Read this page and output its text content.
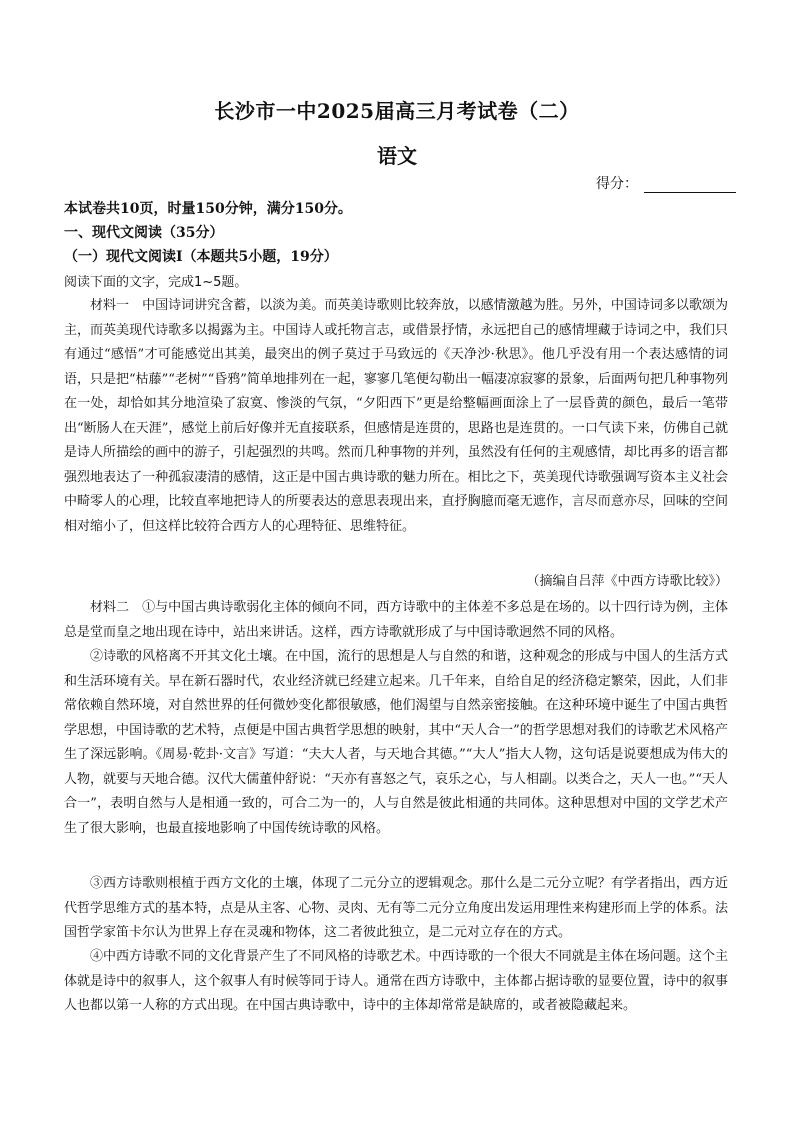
长沙市一中2025届高三月考试卷（二）
语文
得分：
本试卷共10页，时量150分钟，满分150分。
一、现代文阅读（35分）
（一）现代文阅读Ⅰ（本题共5小题，19分）
阅读下面的文字，完成1~5题。
材料一　中国诗词讲究含蓄，以淡为美。而英美诗歌则比较奔放，以感情激越为胜。另外，中国诗词多以歌颂为主，而英美现代诗歌多以揭露为主。中国诗人或托物言志，或借景抒情，永远把自己的感情埋藏于诗词之中，我们只有通过“感悟”才可能感觉出其美，最突出的例子莫过于马致远的《天净沙·秋思》。他几乎没有用一个表达感情的词语，只是把“枯藤”“老树”“昏鸦”简单地排列在一起，寥寥几笔便勾勒出一幅凄凉寂寥的景象，后面两句把几种事物列在一处，却恰如其分地渲染了寂寞、惨淡的气氛，“夕阳西下”更是给整幅画面涂上了一层昏黄的颜色，最后一笔带出“断肠人在天涯”，感觉上前后好像并无直接联系，但感情是连贯的，思路也是连贯的。一口气读下来，仿佛自己就是诗人所描绘的画中的游子，引起强烈的共鸣。然而几种事物的并列，虽然没有任何的主观感情，却比再多的语言都强烈地表达了一种孤寂凄清的感情，这正是中国古典诗歌的魅力所在。相比之下，英美现代诗歌强调写资本主义社会中畸零人的心理，比较直率地把诗人的所要表达的意思表现出来，直抒胸臆而毫无遮作，言尽而意亦尽，回味的空间相对缩小了，但这样比较符合西方人的心理特征、思维特征。
（摘编自吕萍《中西方诗歌比较》）
材料二　①与中国古典诗歌弱化主体的倾向不同，西方诗歌中的主体差不多总是在场的。以十四行诗为例，主体总是堂而皇之地出现在诗中，站出来讲话。这样，西方诗歌就形成了与中国诗歌迥然不同的风格。
②诗歌的风格离不开其文化土壤。在中国，流行的思想是人与自然的和谐，这种观念的形成与中国人的生活方式和生活环境有关。早在新石器时代，农业经济就已经建立起来。几千年来，自给自足的经济稳定繁荣，因此，人们非常依赖自然环境，对自然世界的任何微妙变化都很敏感，他们渴望与自然亲密接触。在这种环境中诞生了中国古典哲学思想，中国诗歌的艺术特，点便是中国古典哲学思想的映射，其中“天人合一”的哲学思想对我们的诗歌艺术风格产生了深远影响。《周易·乾卦·文言》写道：“夫大人者，与天地合其德。”“大人”指大人物，这句话是说要想成为伟大的人物，就要与天地合德。汉代大儒董仲舒说：“天亦有喜怒之气，哀乐之心，与人相副。以类合之，天人一也。”“天人合一”，表明自然与人是相通一致的，可合二为一的，人与自然是彼此相通的共同体。这种思想对中国的文学艺术产生了很大影响，也最直接地影响了中国传统诗歌的风格。
③西方诗歌则根植于西方文化的土壤，体现了二元分立的逻辑观念。那什么是二元分立呢？有学者指出，西方近代哲学思维方式的基本特，点是从主客、心物、灵肉、无有等二元分立角度出发运用理性来构建形而上学的体系。法国哲学家笛卡尔认为世界上存在灵魂和物体，这二者彼此独立，是二元对立存在的方式。
④中西方诗歌不同的文化背景产生了不同风格的诗歌艺术。中西诗歌的一个很大不同就是主体在场问题。这个主体就是诗中的叙事人，这个叙事人有时候等同于诗人。通常在西方诗歌中，主体都占据诗歌的显要位置，诗中的叙事人也都以第一人称的方式出现。在中国古典诗歌中，诗中的主体却常常是缺席的，或者被隐藏起来。
